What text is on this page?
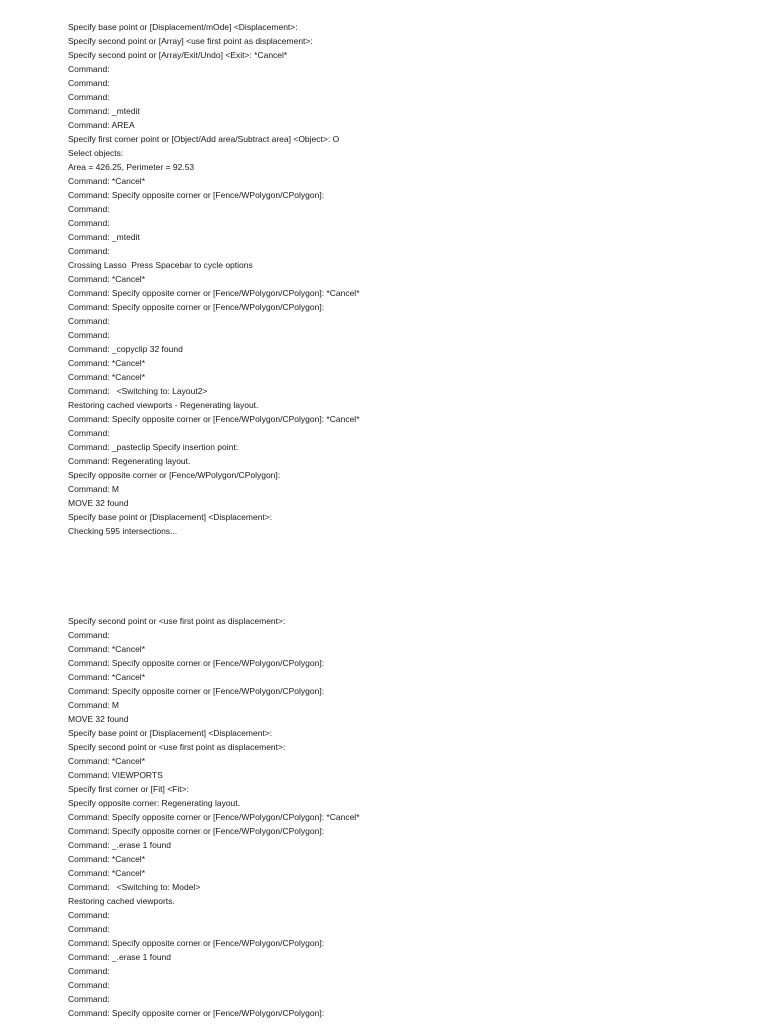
Specify base point or [Displacement/mOde] <Displacement>:
Specify second point or [Array] <use first point as displacement>:
Specify second point or [Array/Exit/Undo] <Exit>: *Cancel*
Command:
Command:
Command:
Command: _mtedit
Command: AREA
Specify first corner point or [Object/Add area/Subtract area] <Object>: O
Select objects:
Area = 426.25, Perimeter = 92.53
Command: *Cancel*
Command: Specify opposite corner or [Fence/WPolygon/CPolygon]:
Command:
Command:
Command: _mtedit
Command:
Crossing Lasso  Press Spacebar to cycle options
Command: *Cancel*
Command: Specify opposite corner or [Fence/WPolygon/CPolygon]: *Cancel*
Command: Specify opposite corner or [Fence/WPolygon/CPolygon]:
Command:
Command:
Command: _copyclip 32 found
Command: *Cancel*
Command: *Cancel*
Command:   <Switching to: Layout2>
Restoring cached viewports - Regenerating layout.
Command: Specify opposite corner or [Fence/WPolygon/CPolygon]: *Cancel*
Command:
Command: _pasteclip Specify insertion point:
Command: Regenerating layout.
Specify opposite corner or [Fence/WPolygon/CPolygon]:
Command: M
MOVE 32 found
Specify base point or [Displacement] <Displacement>:
Checking 595 intersections...
Specify second point or <use first point as displacement>:
Command:
Command: *Cancel*
Command: Specify opposite corner or [Fence/WPolygon/CPolygon]:
Command: *Cancel*
Command: Specify opposite corner or [Fence/WPolygon/CPolygon]:
Command: M
MOVE 32 found
Specify base point or [Displacement] <Displacement>:
Specify second point or <use first point as displacement>:
Command: *Cancel*
Command: VIEWPORTS
Specify first corner or [Fit] <Fit>:
Specify opposite corner: Regenerating layout.
Command: Specify opposite corner or [Fence/WPolygon/CPolygon]: *Cancel*
Command: Specify opposite corner or [Fence/WPolygon/CPolygon]:
Command: _.erase 1 found
Command: *Cancel*
Command: *Cancel*
Command:   <Switching to: Model>
Restoring cached viewports.
Command:
Command:
Command: Specify opposite corner or [Fence/WPolygon/CPolygon]:
Command: _.erase 1 found
Command:
Command:
Command:
Command: Specify opposite corner or [Fence/WPolygon/CPolygon]:
